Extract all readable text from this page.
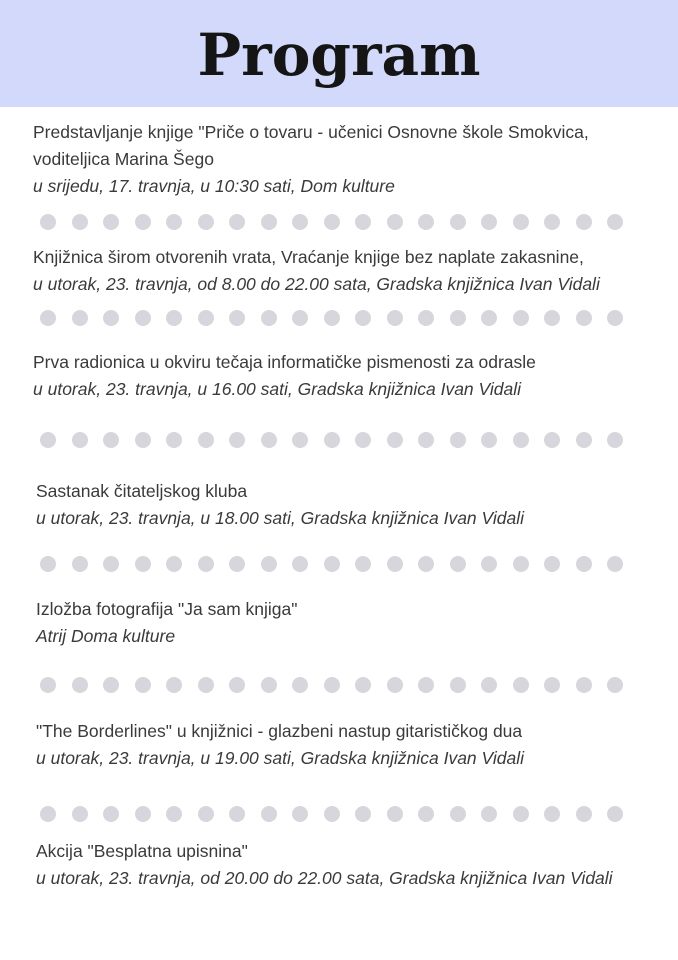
Program
Predstavljanje knjige "Priče o tovaru - učenici Osnovne škole Smokvica,
voditeljica Marina Šego
u srijedu, 17. travnja, u 10:30 sati, Dom kulture
Knjižnica širom otvorenih vrata, Vraćanje knjige bez naplate zakasnine,
u utorak, 23. travnja, od 8.00 do 22.00 sata, Gradska knjižnica Ivan Vidali
Prva radionica u okviru tečaja informatičke pismenosti za odrasle
u utorak, 23. travnja, u 16.00 sati, Gradska knjižnica Ivan Vidali
Sastanak čitateljskog kluba
u utorak, 23. travnja, u 18.00 sati, Gradska knjižnica Ivan Vidali
Izložba fotografija "Ja sam knjiga"
Atrij Doma kulture
"The Borderlines" u knjižnici - glazbeni nastup gitarističkog dua
u utorak, 23. travnja, u 19.00 sati, Gradska knjižnica Ivan Vidali
Akcija "Besplatna upisnina"
u utorak, 23. travnja, od 20.00 do 22.00 sata, Gradska knjižnica Ivan Vidali
